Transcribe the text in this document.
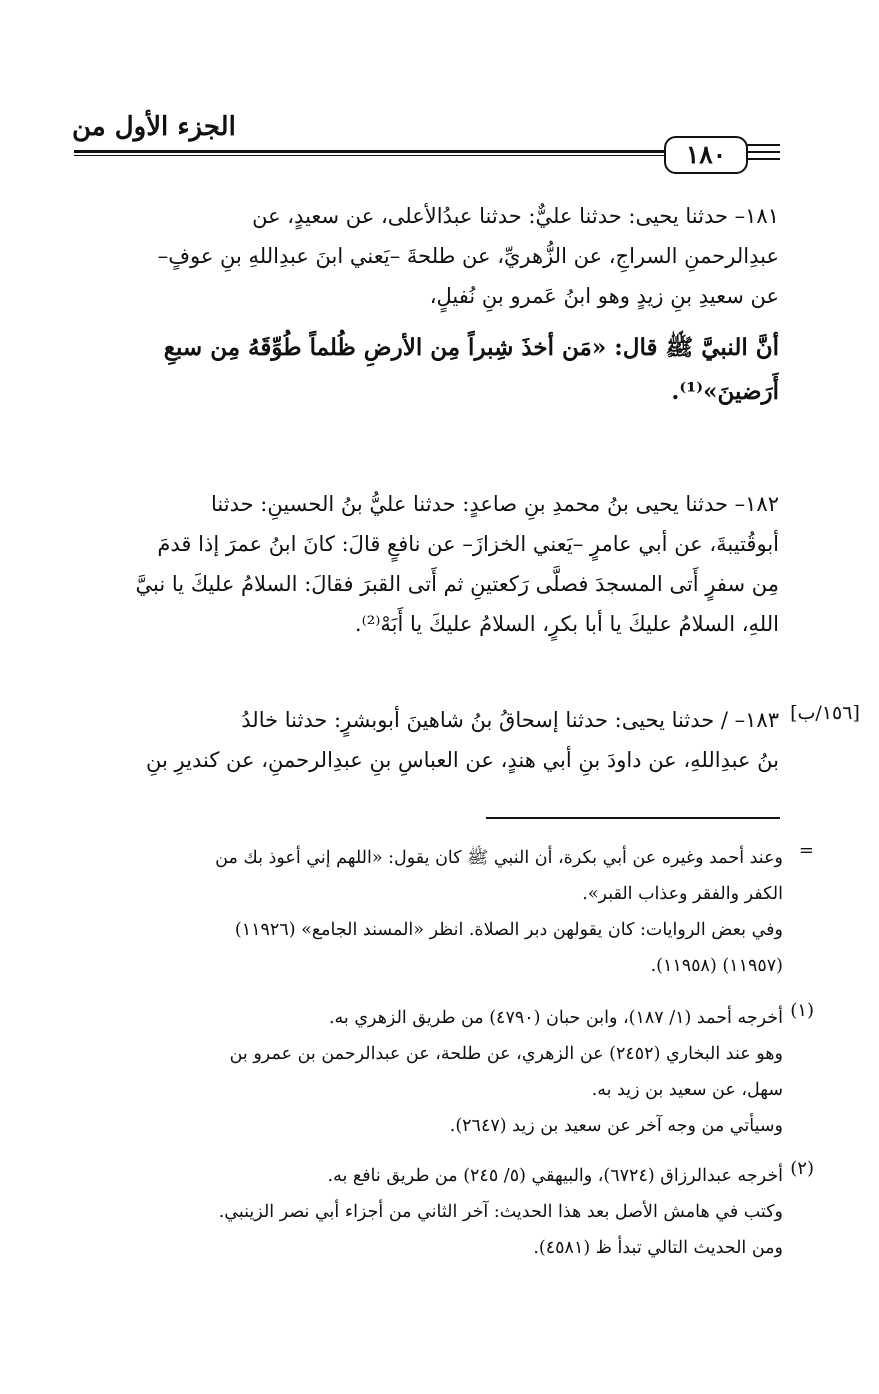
الجزء الأول من
١٨٠
١٨١– حدثنا يحيى: حدثنا عليٌّ: حدثنا عبدُالأعلى، عن سعيدٍ، عن
عبدِالرحمنِ السراجِ، عن الزُّهريِّ، عن طلحةَ –يَعني ابنَ عبدِاللهِ بنِ عوفٍ–
عن سعيدِ بنِ زيدٍ وهو ابنُ عَمرو بنِ نُفيلٍ،
أنَّ النبيَّ ﷺ قال: «مَن أخذَ شِبراً مِن الأرضِ ظُلماً طُوِّقَهُ مِن سبعِ
أَرَضينَ»⁽¹⁾.
١٨٢– حدثنا يحيى بنُ محمدِ بنِ صاعدٍ: حدثنا عليُّ بنُ الحسينِ: حدثنا
أبوقُتيبةَ، عن أبي عامرٍ –يَعني الخزازَ– عن نافعٍ قالَ: كانَ ابنُ عمرَ إذا قدمَ
مِن سفرٍ أَتى المسجدَ فصلَّى رَكعتينِ ثم أَتى القبرَ فقالَ: السلامُ عليكَ يا نبيَّ
اللهِ، السلامُ عليكَ يا أبا بكرٍ، السلامُ عليكَ يا أَبَهْ⁽²⁾.
١٨٣– / حدثنا يحيى: حدثنا إسحاقُ بنُ شاهينَ أبوبشرٍ: حدثنا خالدُ
بنُ عبدِاللهِ، عن داودَ بنِ أبي هندٍ، عن العباسِ بنِ عبدِالرحمنِ، عن كنديرِ بنِ
[١٥٦/ب]
=
وعند أحمد وغيره عن أبي بكرة، أن النبي ﷺ كان يقول: «اللهم إني أعوذ بك من
الكفر والفقر وعذاب القبر».
وفي بعض الروايات: كان يقولهن دبر الصلاة. انظر «المسند الجامع» (١١٩٢٦)
(١١٩٥٧) (١١٩٥٨).
(١)
أخرجه أحمد (١/ ١٨٧)، وابن حبان (٤٧٩٠) من طريق الزهري به.
وهو عند البخاري (٢٤٥٢) عن الزهري، عن طلحة، عن عبدالرحمن بن عمرو بن
سهل، عن سعيد بن زيد به.
وسيأتي من وجه آخر عن سعيد بن زيد (٢٦٤٧).
(٢)
أخرجه عبدالرزاق (٦٧٢٤)، والبيهقي (٥/ ٢٤٥) من طريق نافع به.
وكتب في هامش الأصل بعد هذا الحديث: آخر الثاني من أجزاء أبي نصر الزينبي.
ومن الحديث التالي تبدأ ظ (٤٥٨١).
